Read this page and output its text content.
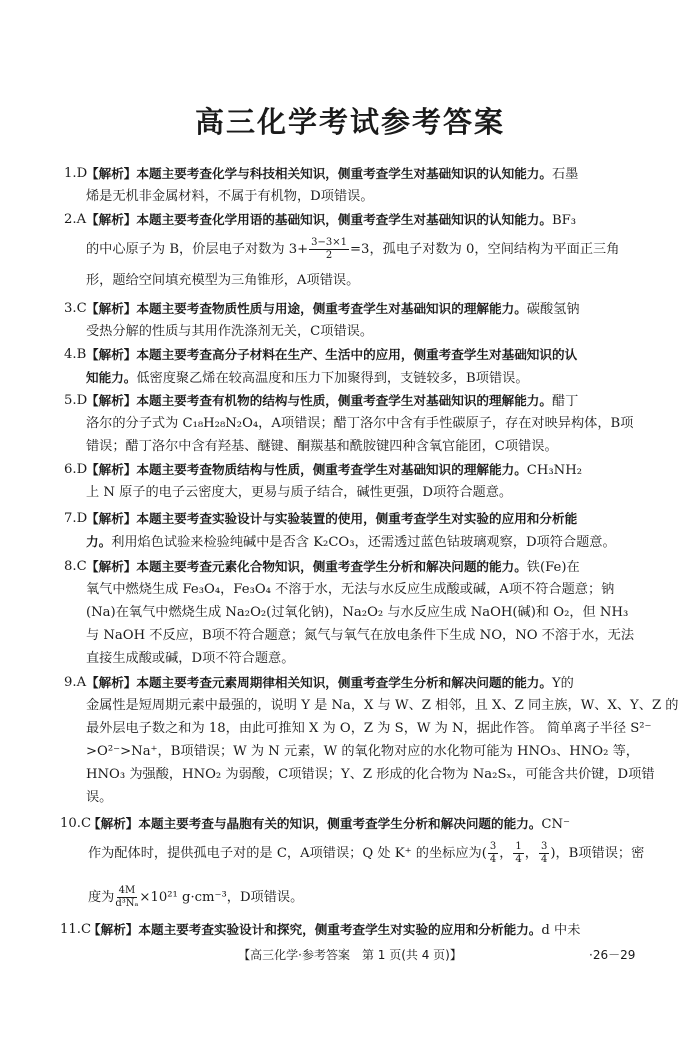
高三化学考试参考答案
1.D
【解析】本题主要考查化学与科技相关知识，侧重考查学生对基础知识的认知能力。石墨
烯是无机非金属材料，不属于有机物，D项错误。
2.A 【解析】本题主要考查化学用语的基础知识，侧重考查学生对基础知识的认知能力。BF₃
的中心原子为 B，价层电子对数为 $3+ \frac{3-3\times 1}{2} =3$，孤电子对数为 0，空间结构为平面正三角
形，题给空间填充模型为三角锥形，A项错误。
3.C 【解析】本题主要考查物质性质与用途，侧重考查学生对基础知识的理解能力。碳酸氢钠
受热分解的性质与其用作洗涤剂无关，C项错误。
4.B 【解析】本题主要考查高分子材料在生产、生活中的应用，侧重考查学生对基础知识的认
知能力。低密度聚乙烯在较高温度和压力下加聚得到，支链较多，B项错误。
5.D
【解析】本题主要考查有机物的结构与性质，侧重考查学生对基础知识的理解能力。醋丁
洛尔的分子式为 C₁₈H₂₈N₂O₄，A项错误；醋丁洛尔中含有手性碳原子，存在对映异构体，B项
错误；醋丁洛尔中含有羟基、醚键、酮羰基和酰胺键四种含氧官能团，C项错误。
6.D
【解析】本题主要考查物质结构与性质，侧重考查学生对基础知识的理解能力。CH₃NH₂
上 N 原子的电子云密度大，更易与质子结合，碱性更强，D项符合题意。
7.D
【解析】本题主要考查实验设计与实验装置的使用，侧重考查学生对实验的应用和分析能
力。利用焰色试验来检验纯碱中是否含 K₂CO₃，还需透过蓝色钴玻璃观察，D项符合题意。
8.C 【解析】本题主要考查元素化合物知识，侧重考查学生分析和解决问题的能力。铁(Fe)在
氧气中燃烧生成 Fe₃O₄，Fe₃O₄ 不溶于水，无法与水反应生成酸或碱，A项不符合题意；钠
(Na)在氧气中燃烧生成 Na₂O₂(过氧化钠)，Na₂O₂ 与水反应生成 NaOH(碱)和 O₂，但 NH₃
与 NaOH 不反应，B项不符合题意；氮气与氧气在放电条件下生成 NO，NO 不溶于水，无法
直接生成酸或碱，D项不符合题意。
9.A 【解析】本题主要考查元素周期律相关知识，侧重考查学生分析和解决问题的能力。Y的
金属性是短周期元素中最强的，说明 Y 是 Na，X 与 W、Z 相邻，且 X、Z 同主族，W、X、Y、Z 的
最外层电子数之和为 18，由此可推知 X 为 O，Z 为 S，W 为 N，据此作答。 简单离子半径 S²⁻
>O²⁻>Na⁺，B项错误；W 为 N 元素，W 的氧化物对应的水化物可能为 HNO₃、HNO₂ 等，
HNO₃ 为强酸，HNO₂ 为弱酸，C项错误；Y、Z 形成的化合物为 Na₂Sₓ，可能含共价键，D项错
误。
10.C
【解析】本题主要考查与晶胞有关的知识，侧重考查学生分析和解决问题的能力。CN⁻
作为配体时，提供孤电子对的是 C，A项错误；Q 处 K⁺ 的坐标应为( $\frac{3}{4}$ ， $\frac{1}{4}$ ， $\frac{3}{4}$ )，B项错误；密
度为 $\frac{4M}{\text{d³Nₐ}} \times 10^{21}$ g·cm⁻³，D项错误。
11.C
【解析】本题主要考查实验设计和探究，侧重考查学生对实验的应用和分析能力。d 中未
【高三化学·参考答案　第 1 页(共 4 页)】	·26－29
